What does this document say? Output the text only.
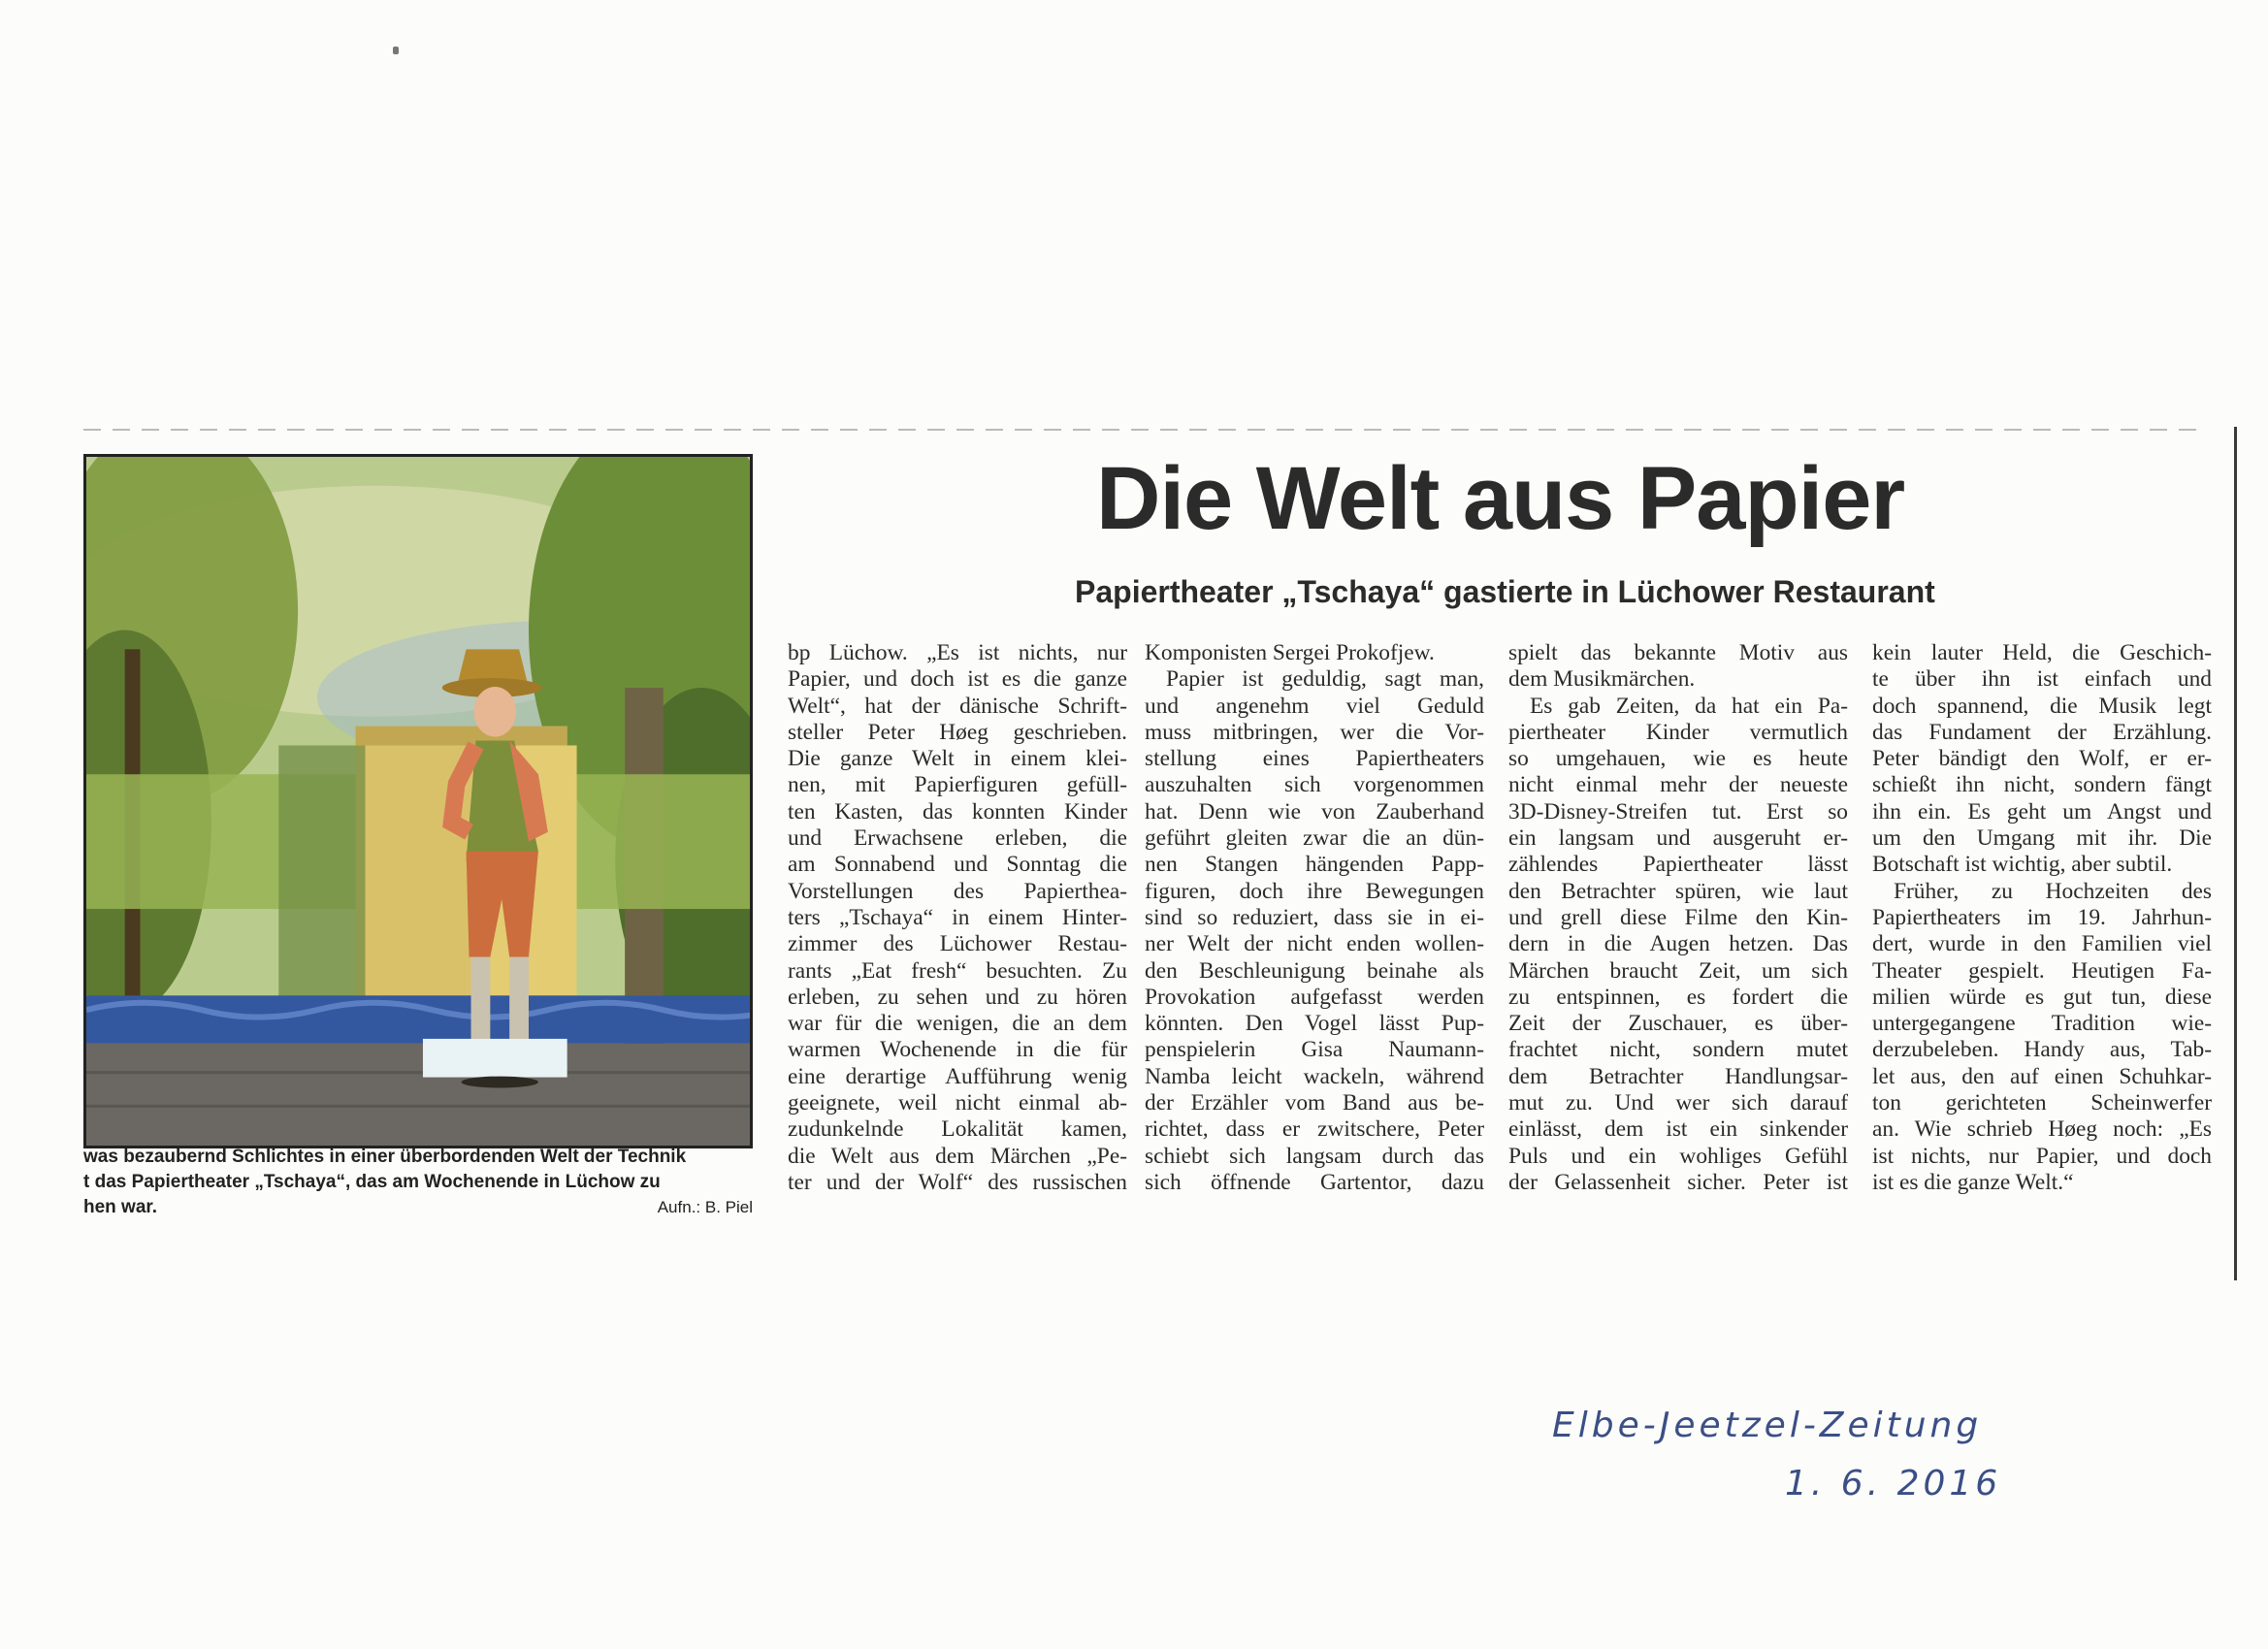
was bezaubernd Schlichtes in einer überbordenden Welt der Technik
t das Papiertheater „Tschaya“, das am Wochenende in Lüchow zu
hen war.	Aufn.: B. Piel
Die Welt aus Papier
Papiertheater „Tschaya“ gastierte in Lüchower Restaurant
bp Lüchow. „Es ist nichts, nur
Papier, und doch ist es die ganze
Welt“, hat der dänische Schrift-
steller Peter Høeg geschrieben.
Die ganze Welt in einem klei-
nen, mit Papierfiguren gefüll-
ten Kasten, das konnten Kinder
und Erwachsene erleben, die
am Sonnabend und Sonntag die
Vorstellungen des Papierthea-
ters „Tschaya“ in einem Hinter-
zimmer des Lüchower Restau-
rants „Eat fresh“ besuchten. Zu
erleben, zu sehen und zu hören
war für die wenigen, die an dem
warmen Wochenende in die für
eine derartige Aufführung wenig
geeignete, weil nicht einmal ab-
zudunkelnde Lokalität kamen,
die Welt aus dem Märchen „Pe-
ter und der Wolf“ des russischen
Komponisten Sergei Prokofjew.
Papier ist geduldig, sagt man,
und angenehm viel Geduld
muss mitbringen, wer die Vor-
stellung eines Papiertheaters
auszuhalten sich vorgenommen
hat. Denn wie von Zauberhand
geführt gleiten zwar die an dün-
nen Stangen hängenden Papp-
figuren, doch ihre Bewegungen
sind so reduziert, dass sie in ei-
ner Welt der nicht enden wollen-
den Beschleunigung beinahe als
Provokation aufgefasst werden
könnten. Den Vogel lässt Pup-
penspielerin Gisa Naumann-
Namba leicht wackeln, während
der Erzähler vom Band aus be-
richtet, dass er zwitschere, Peter
schiebt sich langsam durch das
sich öffnende Gartentor, dazu
spielt das bekannte Motiv aus
dem Musikmärchen.
Es gab Zeiten, da hat ein Pa-
piertheater Kinder vermutlich
so umgehauen, wie es heute
nicht einmal mehr der neueste
3D-Disney-Streifen tut. Erst so
ein langsam und ausgeruht er-
zählendes Papiertheater lässt
den Betrachter spüren, wie laut
und grell diese Filme den Kin-
dern in die Augen hetzen. Das
Märchen braucht Zeit, um sich
zu entspinnen, es fordert die
Zeit der Zuschauer, es über-
frachtet nicht, sondern mutet
dem Betrachter Handlungsar-
mut zu. Und wer sich darauf
einlässt, dem ist ein sinkender
Puls und ein wohliges Gefühl
der Gelassenheit sicher. Peter ist
kein lauter Held, die Geschich-
te über ihn ist einfach und
doch spannend, die Musik legt
das Fundament der Erzählung.
Peter bändigt den Wolf, er er-
schießt ihn nicht, sondern fängt
ihn ein. Es geht um Angst und
um den Umgang mit ihr. Die
Botschaft ist wichtig, aber subtil.
Früher, zu Hochzeiten des
Papiertheaters im 19. Jahrhun-
dert, wurde in den Familien viel
Theater gespielt. Heutigen Fa-
milien würde es gut tun, diese
untergegangene Tradition wie-
derzubeleben. Handy aus, Tab-
let aus, den auf einen Schuhkar-
ton gerichteten Scheinwerfer
an. Wie schrieb Høeg noch: „Es
ist nichts, nur Papier, und doch
ist es die ganze Welt.“
Elbe-Jeetzel-Zeitung
1. 6. 2016
